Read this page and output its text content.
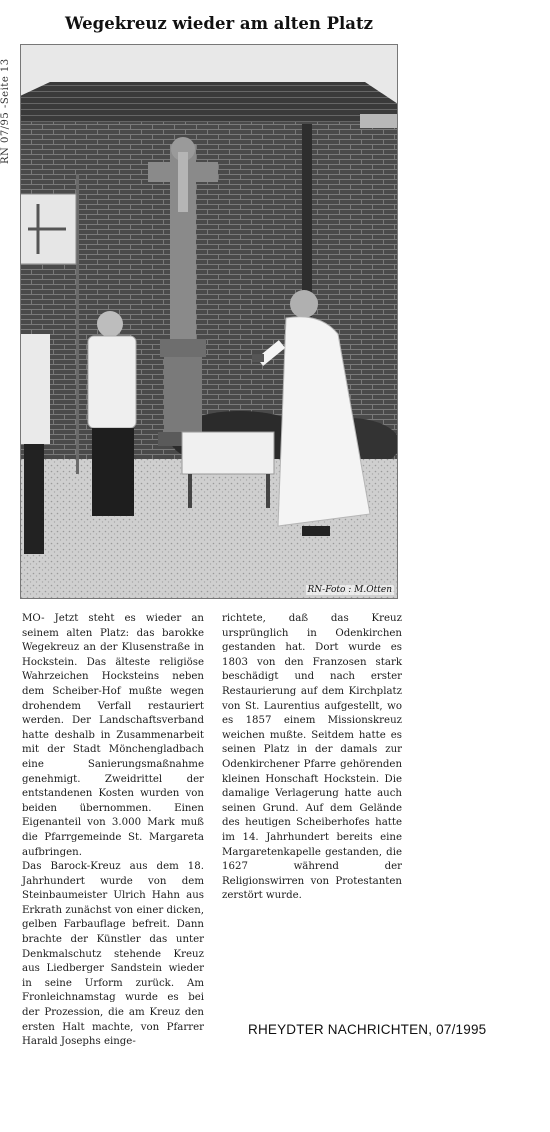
RN 07/95 -Seite 13
Wegekreuz wieder am alten Platz
RN-Foto : M.Otten

MO- Jetzt steht es wieder an seinem alten Platz: das barokke Wegekreuz an der Klusenstraße in Hockstein. Das älteste religiöse Wahrzeichen Hocksteins neben dem Scheiber-Hof mußte wegen drohendem Verfall restauriert werden. Der Landschaftsverband hatte deshalb in Zusammenarbeit mit der Stadt Mönchengladbach eine Sanierungsmaßnahme genehmigt. Zweidrittel der entstandenen Kosten wurden von beiden übernommen. Einen Eigenanteil von 3.000 Mark muß die Pfarrgemeinde St. Margareta aufbringen.

Das Barock-Kreuz aus dem 18. Jahrhundert wurde von dem Steinbaumeister Ulrich Hahn aus Erkrath zunächst von einer dicken, gelben Farbauflage befreit. Dann brachte der Künstler das unter Denkmalschutz stehende Kreuz aus Liedberger Sandstein wieder in seine Urform zurück. Am Fronleichnamstag wurde es bei der Prozession, die am Kreuz den ersten Halt machte, von Pfarrer Harald Josephs einge-

richtete, daß das Kreuz ursprünglich in Odenkirchen gestanden hat. Dort wurde es 1803 von den Franzosen stark beschädigt und nach erster Restaurierung auf dem Kirchplatz von St. Laurentius aufgestellt, wo es 1857 einem Missionskreuz weichen mußte. Seitdem hatte es seinen Platz in der damals zur Odenkirchener Pfarre gehörenden kleinen Honschaft Hockstein. Die damalige Verlagerung hatte auch seinen Grund. Auf dem Gelände des heutigen Scheiberhofes hatte im 14. Jahrhundert bereits eine Margaretenkapelle gestanden, die 1627 während der Religionswirren von Protestanten zerstört wurde.

RHEYDTER NACHRICHTEN, 07/1995
